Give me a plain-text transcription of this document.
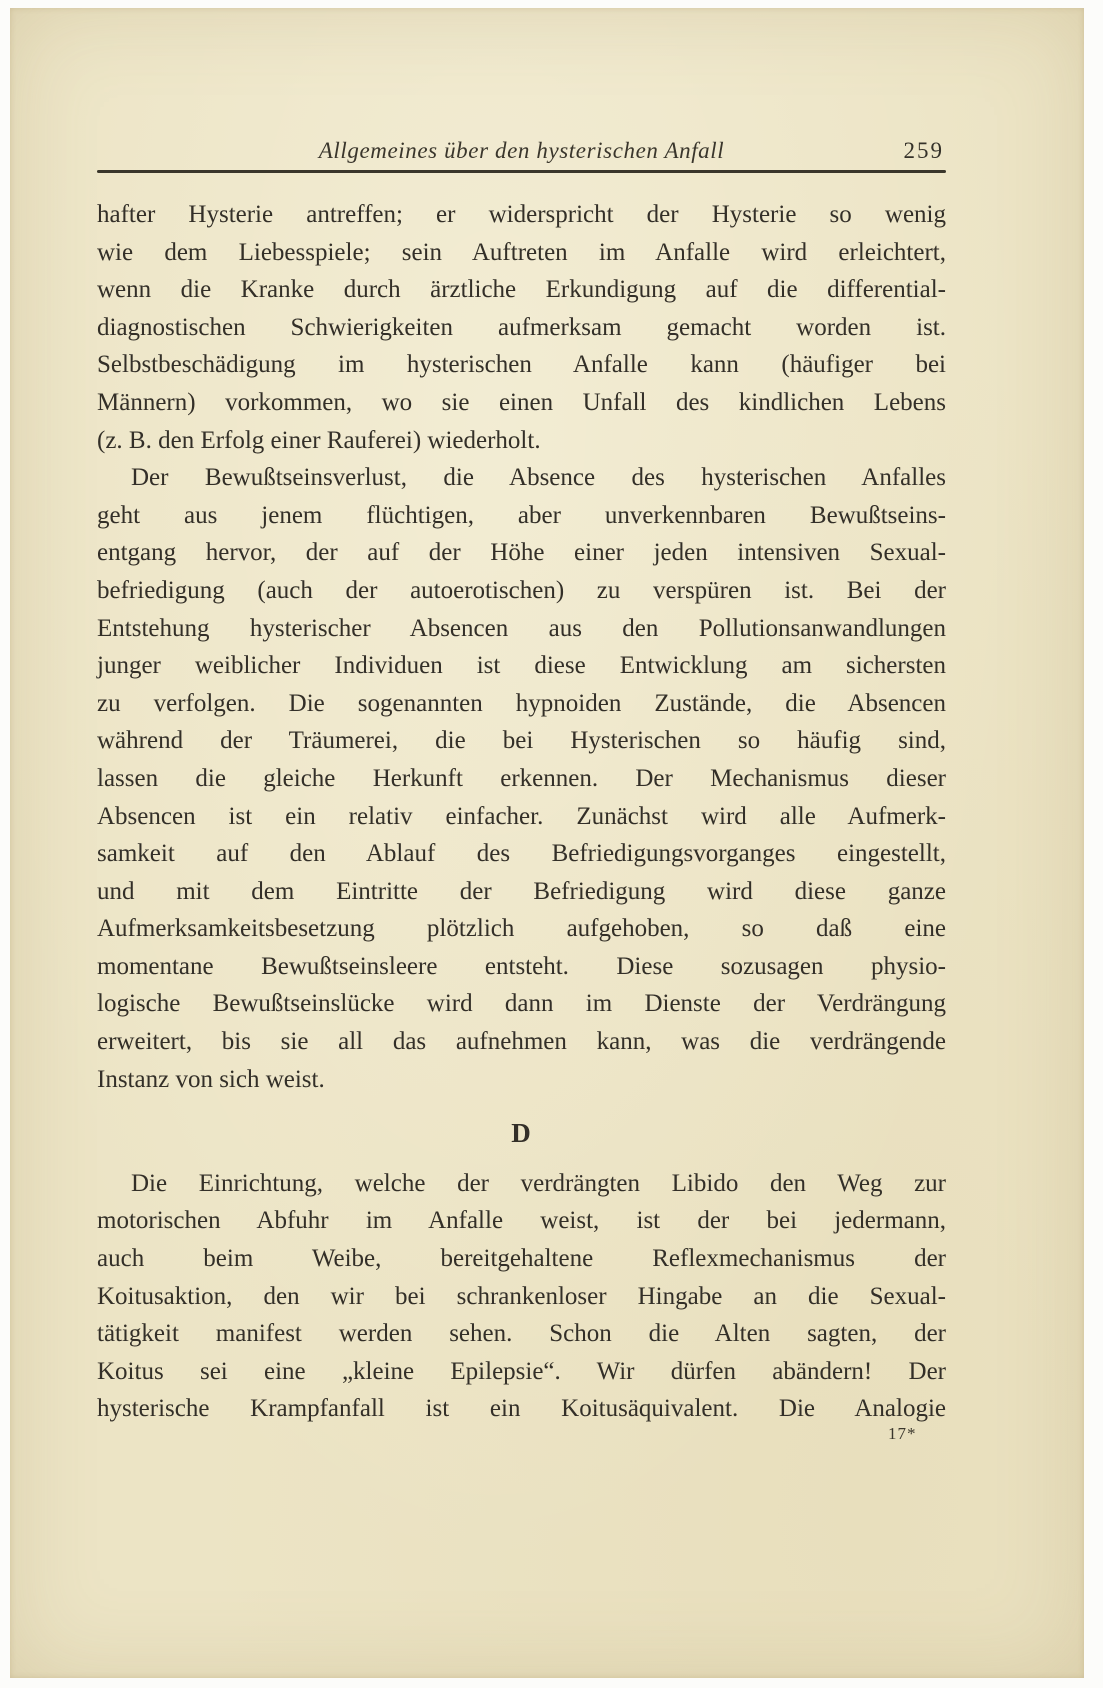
Allgemeines über den hysterischen Anfall	259
hafter Hysterie antreffen; er widerspricht der Hysterie so wenig
wie dem Liebesspiele; sein Auftreten im Anfalle wird erleichtert,
wenn die Kranke durch ärztliche Erkundigung auf die differential-
diagnostischen Schwierigkeiten aufmerksam gemacht worden ist.
Selbstbeschädigung im hysterischen Anfalle kann (häufiger bei
Männern) vorkommen, wo sie einen Unfall des kindlichen Lebens
(z. B. den Erfolg einer Rauferei) wiederholt.
Der Bewußtseinsverlust, die Absence des hysterischen Anfalles
geht aus jenem flüchtigen, aber unverkennbaren Bewußtseins-
entgang hervor, der auf der Höhe einer jeden intensiven Sexual-
befriedigung (auch der autoerotischen) zu verspüren ist. Bei der
Entstehung hysterischer Absencen aus den Pollutionsanwandlungen
junger weiblicher Individuen ist diese Entwicklung am sichersten
zu verfolgen. Die sogenannten hypnoiden Zustände, die Absencen
während der Träumerei, die bei Hysterischen so häufig sind,
lassen die gleiche Herkunft erkennen. Der Mechanismus dieser
Absencen ist ein relativ einfacher. Zunächst wird alle Aufmerk-
samkeit auf den Ablauf des Befriedigungsvorganges eingestellt,
und mit dem Eintritte der Befriedigung wird diese ganze
Aufmerksamkeitsbesetzung plötzlich aufgehoben, so daß eine
momentane Bewußtseinsleere entsteht. Diese sozusagen physio-
logische Bewußtseinslücke wird dann im Dienste der Verdrängung
erweitert, bis sie all das aufnehmen kann, was die verdrängende
Instanz von sich weist.
D
Die Einrichtung, welche der verdrängten Libido den Weg zur
motorischen Abfuhr im Anfalle weist, ist der bei jedermann,
auch beim Weibe, bereitgehaltene Reflexmechanismus der
Koitusaktion, den wir bei schrankenloser Hingabe an die Sexual-
tätigkeit manifest werden sehen. Schon die Alten sagten, der
Koitus sei eine „kleine Epilepsie“. Wir dürfen abändern! Der
hysterische Krampfanfall ist ein Koitusäquivalent. Die Analogie
17*
